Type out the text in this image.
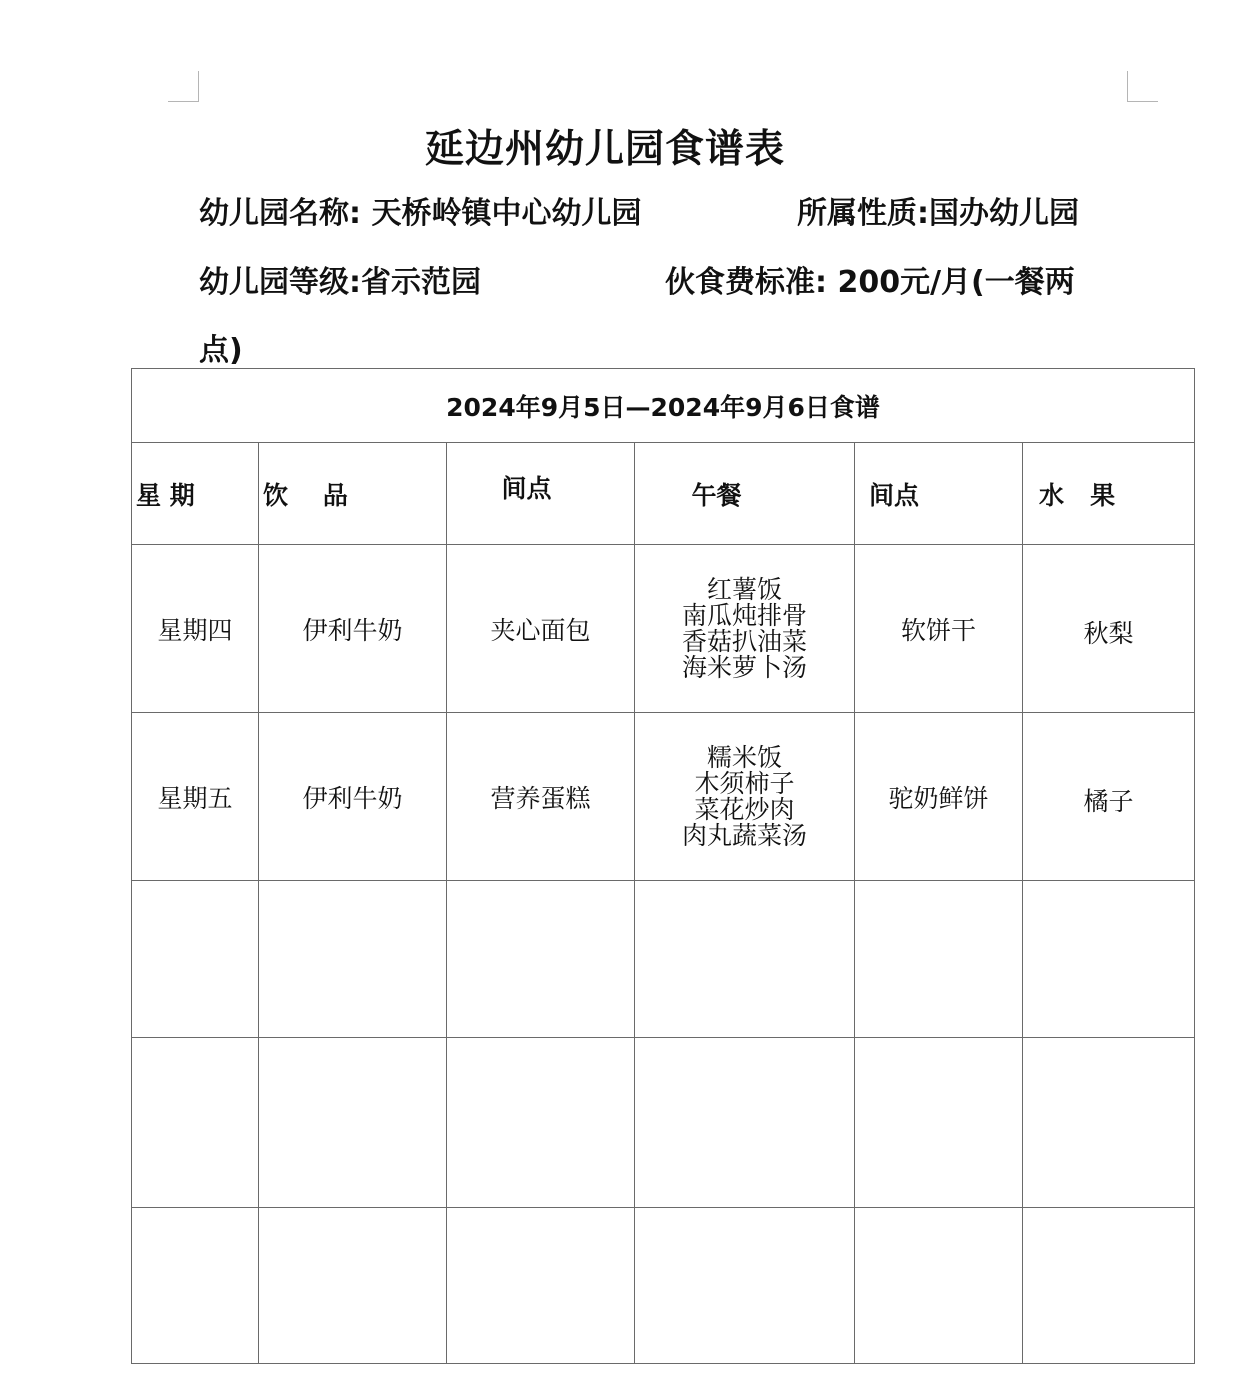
延边州幼儿园食谱表
幼儿园名称: 天桥岭镇中心幼儿园	所属性质:国办幼儿园
幼儿园等级:省示范园	伙食费标准: 200元/月(一餐两
点)
2024年9月5日—2024年9月6日食谱					
星 期	饮    品	间点	午餐	间点	水   果
星期四	伊利牛奶	夹心面包	红薯饭
南瓜炖排骨
香菇扒油菜
海米萝卜汤	软饼干	秋梨
星期五	伊利牛奶	营养蛋糕	糯米饭
木须柿子
菜花炒肉
肉丸蔬菜汤	驼奶鲜饼	橘子
